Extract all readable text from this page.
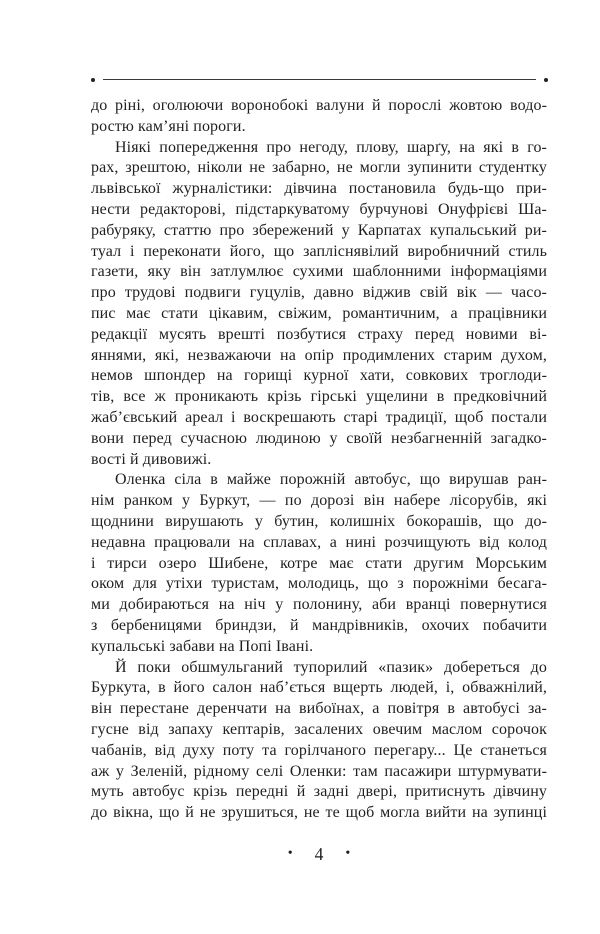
до ріні, оголюючи воронобокі валуни й порослі жовтою водо-
ростю кам’яні пороги.
Ніякі попередження про негоду, плову, шарґу, на які в го-
рах, зрештою, ніколи не забарно, не могли зупинити студентку
львівської журналістики: дівчина постановила будь-що при-
нести редакторові, підстаркуватому бурчунові Онуфрієві Ша-
рабуряку, статтю про збережений у Карпатах купальський ри-
туал і переконати його, що запліснявілий виробничний стиль
газети, яку він затлумлює сухими шаблонними інформаціями
про трудові подвиги гуцулів, давно віджив свій вік — часо-
пис має стати цікавим, свіжим, романтичним, а працівники
редакції мусять врешті позбутися страху перед новими ві-
яннями, які, незважаючи на опір продимлених старим духом,
немов шпондер на горищі курної хати, совкових троглоди-
тів, все ж проникають крізь гірські ущелини в предковічний
жаб’євський ареал і воскрешають старі традиції, щоб постали
вони перед сучасною людиною у своїй незбагненній загадко-
вості й дивовижі.
Оленка сіла в майже порожній автобус, що вирушав ран-
нім ранком у Буркут, — по дорозі він набере лісорубів, які
щоднини вирушають у бутин, колишніх бокорашів, що до-
недавна працювали на сплавах, а нині розчищують від колод
і тирси озеро Шибене, котре має стати другим Морським
оком для утіхи туристам, молодиць, що з порожніми бесага-
ми добираються на ніч у полонину, аби вранці повернутися
з бербеницями бриндзи, й мандрівників, охочих побачити
купальські забави на Попі Івані.
Й поки обшмульганий тупорилий «пазик» добереться до
Буркута, в його салон наб’ється вщерть людей, і, обважнілий,
він перестане деренчати на вибоїнах, а повітря в автобусі за-
гусне від запаху кептарів, засалених овечим маслом сорочок
чабанів, від духу поту та горілчаного перегару... Це станеться
аж у Зеленій, рідному селі Оленки: там пасажири штурмувати-
муть автобус крізь передні й задні двері, притиснуть дівчину
до вікна, що й не зрушиться, не те щоб могла вийти на зупинці
• 4 •
